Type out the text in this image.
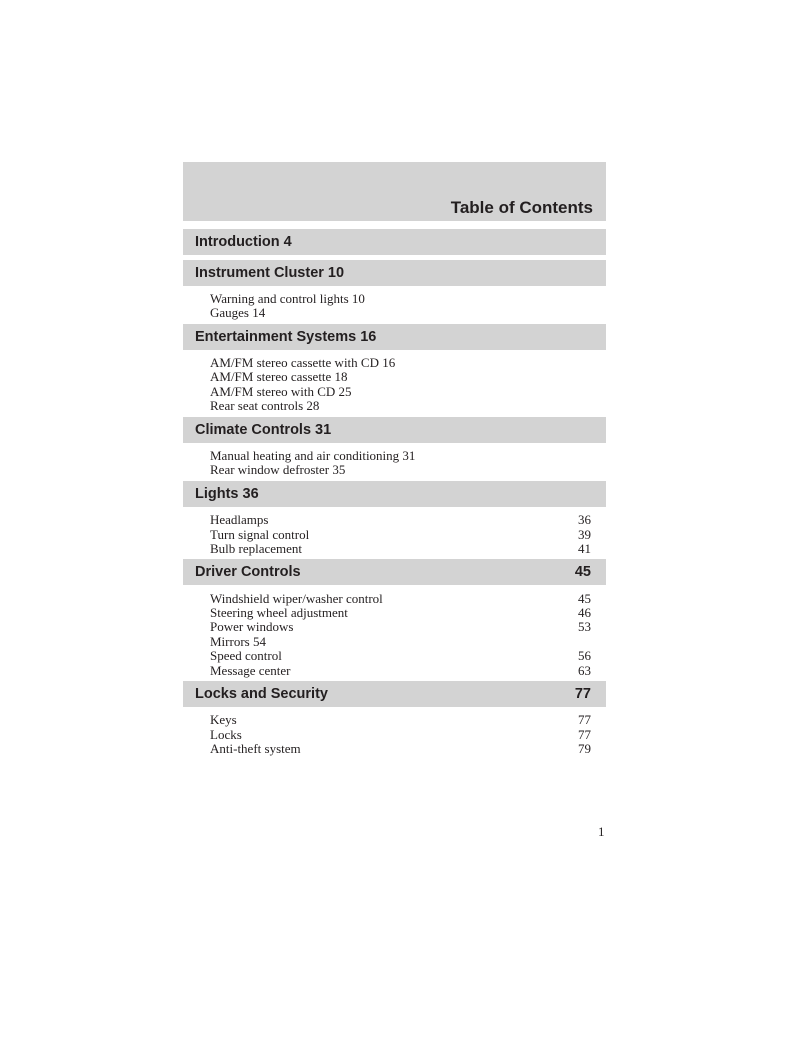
Table of Contents
Introduction 4
Instrument Cluster 10
Warning and control lights 10
Gauges 14
Entertainment Systems 16
AM/FM stereo cassette with CD 16
AM/FM stereo cassette 18
AM/FM stereo with CD 25
Rear seat controls 28
Climate Controls 31
Manual heating and air conditioning 31
Rear window defroster 35
Lights 36
Headlamps	36
Turn signal control	39
Bulb replacement	41
Driver Controls	45
Windshield wiper/washer control	45
Steering wheel adjustment	46
Power windows	53
Mirrors 54
Speed control	56
Message center	63
Locks and Security	77
Keys	77
Locks	77
Anti-theft system	79
1
